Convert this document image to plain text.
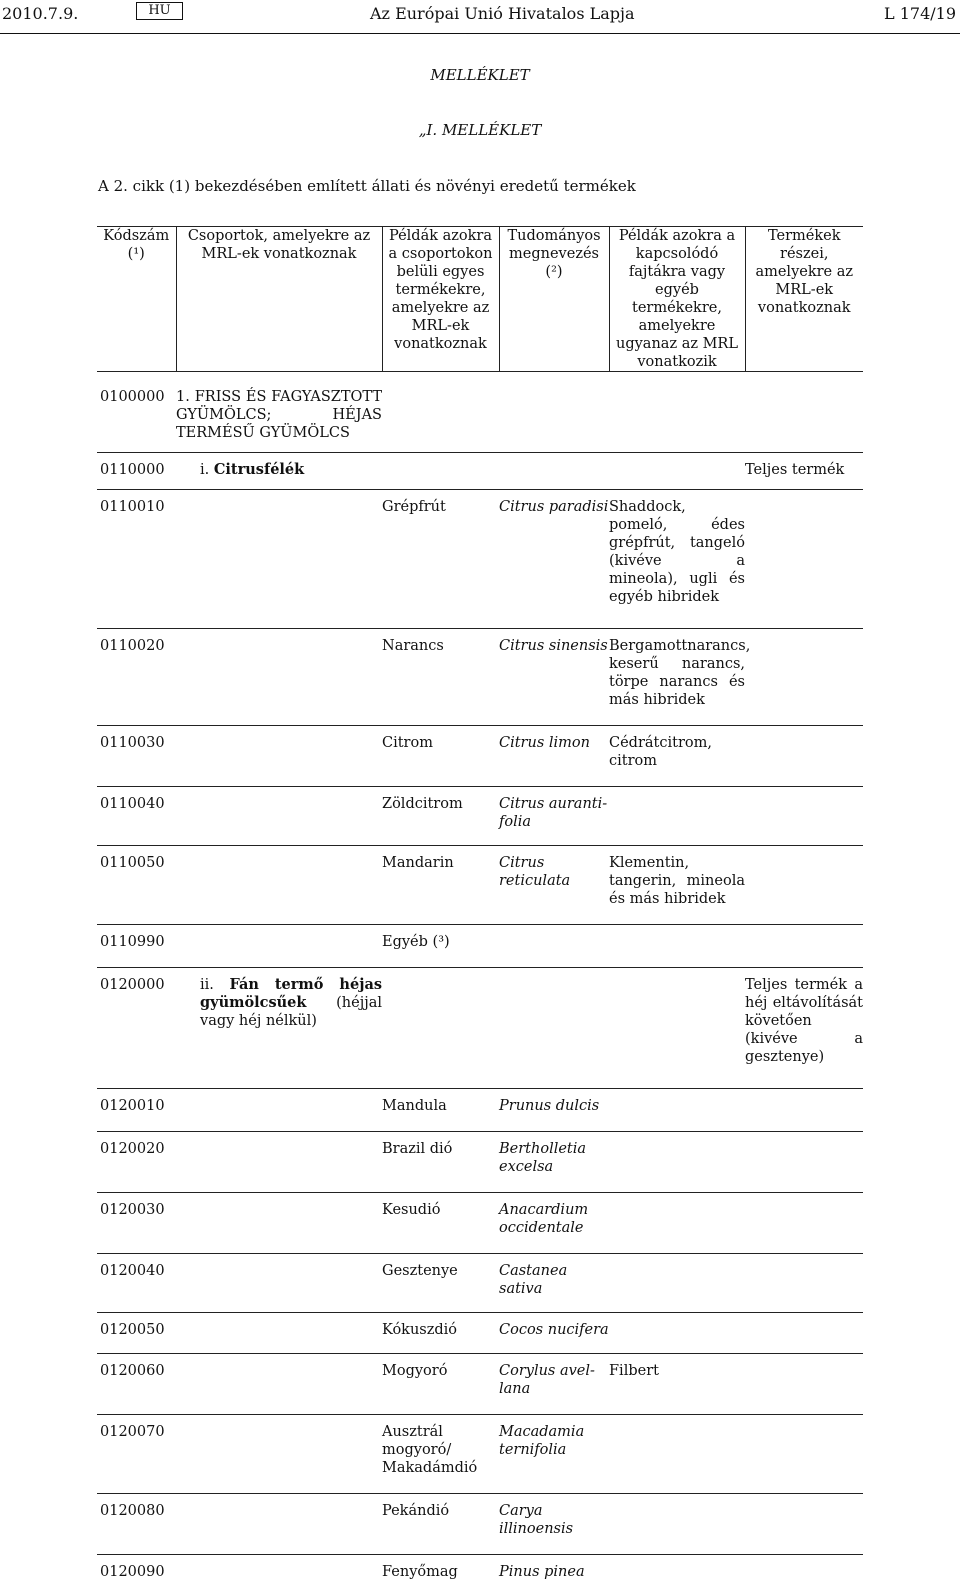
2010.7.9.	HU	Az Európai Unió Hivatalos Lapja	L 174/19
MELLÉKLET
„I. MELLÉKLET
A 2. cikk (1) bekezdésében említett állati és növényi eredetű termékek
Kódszám (¹)	Csoportok, amelyekre az MRL-ek vonatkoznak	Példák azokra a csoportokon belüli egyes termékekre, amelyekre az MRL-ek vonatkoznak	Tudományos megnevezés (²)	Példák azokra a kapcsolódó fajtákra vagy egyéb termékekre, amelyekre ugyanaz az MRL vonatkozik	Termékek részei, amelyekre az MRL-ek vonatkoznak
0100000	1. FRISS ÉS FAGYASZTOTT GYÜMÖLCS; HÉJAS TERMÉSŰ GYÜMÖLCS				

0110000	i. Citrusfélék				Teljes termék

0110010		Grépfrút	Citrus paradisi	Shaddock, pomeló, édes grépfrút, tangeló (kivéve a mineola), ugli és egyéb hibridek	

0110020		Narancs	Citrus sinensis	Bergamottnarancs, keserű narancs, törpe narancs és más hibridek	

0110030		Citrom	Citrus limon	Cédrátcitrom, citrom	

0110040		Zöldcitrom	Citrus auranti-folia		

0110050		Mandarin	Citrus reticulata	Klementin, tangerin, mineola és más hibridek	

0110990		Egyéb (³)			

0120000	ii. Fán termő héjas gyümölcsűek (héjjal vagy héj nélkül)				Teljes termék a héj eltávolítását követően (kivéve a gesztenye)

0120010		Mandula	Prunus dulcis		

0120020		Brazil dió	Bertholletia excelsa		

0120030		Kesudió	Anacardium occidentale		

0120040		Gesztenye	Castanea sativa		

0120050		Kókuszdió	Cocos nucifera		

0120060		Mogyoró	Corylus avel-lana	Filbert	

0120070		Ausztrál mogyoró/ Makadámdió	Macadamia ternifolia		

0120080		Pekándió	Carya illinoensis		

0120090		Fenyőmag	Pinus pinea		
